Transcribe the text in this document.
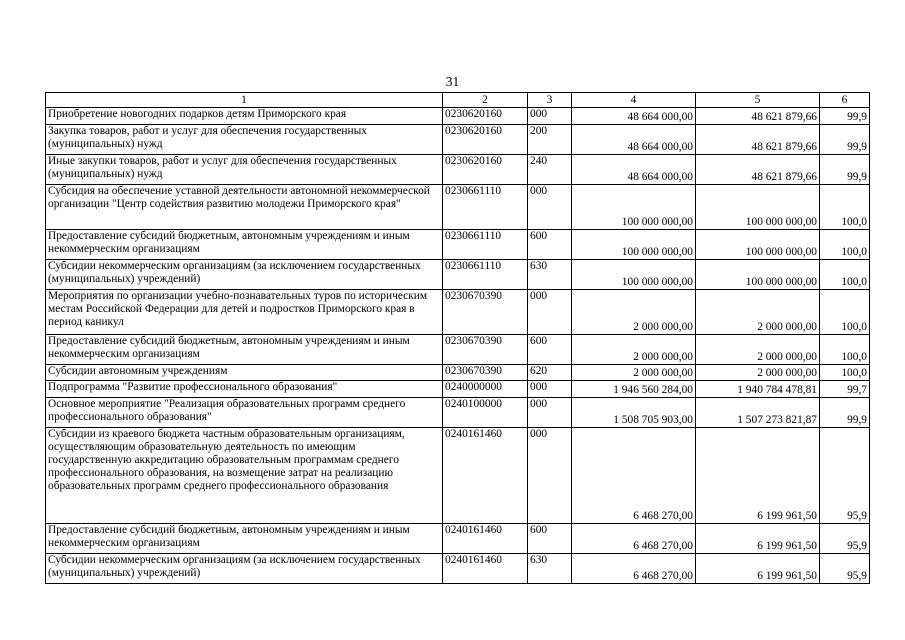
31
1	2	3	4	5	6
Приобретение новогодних подарков детям Приморского края	0230620160	000	48 664 000,00	48 621 879,66	99,9
Закупка товаров, работ и услуг для обеспечения государственных (муниципальных) нужд	0230620160	200	48 664 000,00	48 621 879,66	99,9
Иные закупки товаров, работ и услуг для обеспечения государственных (муниципальных) нужд	0230620160	240	48 664 000,00	48 621 879,66	99,9
Субсидия на обеспечение уставной деятельности автономной некоммерческой организации "Центр содействия развитию молодежи Приморского края"	0230661110	000	100 000 000,00	100 000 000,00	100,0
Предоставление субсидий бюджетным, автономным учреждениям и иным некоммерческим организациям	0230661110	600	100 000 000,00	100 000 000,00	100,0
Субсидии некоммерческим организациям (за исключением государственных (муниципальных) учреждений)	0230661110	630	100 000 000,00	100 000 000,00	100,0
Мероприятия по организации учебно-познавательных туров по историческим местам Российской Федерации для детей и подростков Приморского края в период каникул	0230670390	000	2 000 000,00	2 000 000,00	100,0
Предоставление субсидий бюджетным, автономным учреждениям и иным некоммерческим организациям	0230670390	600	2 000 000,00	2 000 000,00	100,0
Субсидии автономным учреждениям	0230670390	620	2 000 000,00	2 000 000,00	100,0
Подпрограмма "Развитие профессионального образования"	0240000000	000	1 946 560 284,00	1 940 784 478,81	99,7
Основное мероприятие "Реализация образовательных программ среднего профессионального образования"	0240100000	000	1 508 705 903,00	1 507 273 821,87	99,9
Субсидии из краевого бюджета частным образовательным организациям, осуществляющим образовательную деятельность по имеющим государственную аккредитацию образовательным программам среднего профессионального образования, на возмещение затрат на реализацию образовательных программ среднего профессионального образования	0240161460	000	6 468 270,00	6 199 961,50	95,9
Предоставление субсидий бюджетным, автономным учреждениям и иным некоммерческим организациям	0240161460	600	6 468 270,00	6 199 961,50	95,9
Субсидии некоммерческим организациям (за исключением государственных (муниципальных) учреждений)	0240161460	630	6 468 270,00	6 199 961,50	95,9
